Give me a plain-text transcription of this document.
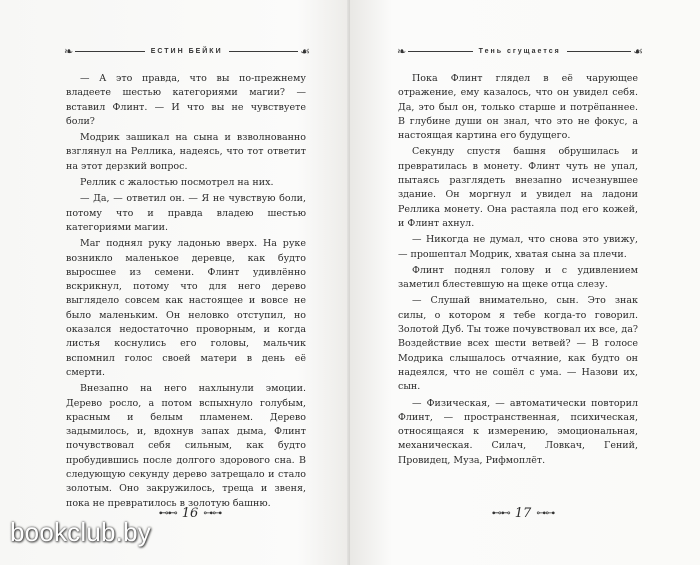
❧	ЕСТИН БЕЙКИ	☙

— А это правда, что вы по-прежнему владеете шестью категориями магии? — вставил Флинт. — И что вы не чувствуете боли?

Модрик зашикал на сына и взволнованно взглянул на Реллика, надеясь, что тот ответит на этот дерзкий вопрос.

Реллик с жалостью посмотрел на них.

— Да, — ответил он. — Я не чувствую боли, потому что и правда владею шестью категориями магии.

Маг поднял руку ладонью вверх. На руке возникло маленькое деревце, как будто выросшее из семени. Флинт удивлённо вскрикнул, потому что для него дерево выглядело совсем как настоящее и вовсе не было маленьким. Он неловко отступил, но оказался недостаточно проворным, и когда листья коснулись его головы, мальчик вспомнил голос своей матери в день её смерти.

Внезапно на него нахлынули эмоции. Дерево росло, а потом вспыхнуло голубым, красным и белым пламенем. Дерево задымилось, и, вдохнув запах дыма, Флинт почувствовал себя сильным, как будто пробудившись после долгого здорового сна. В следующую секунду дерево затрещало и стало золотым. Оно закружилось, треща и звеня, пока не превратилось в золотую башню.

⊷⊷ 16 ⊶⊶
❧	Тень сгущается	☙

Пока Флинт глядел в её чарующее отражение, ему казалось, что он увидел себя. Да, это был он, только старше и потрёпаннее. В глубине души он знал, что это не фокус, а настоящая картина его будущего.

Секунду спустя башня обрушилась и превратилась в монету. Флинт чуть не упал, пытаясь разглядеть внезапно исчезнувшее здание. Он моргнул и увидел на ладони Реллика монету. Она растаяла под его кожей, и Флинт ахнул.

— Никогда не думал, что снова это увижу, — прошептал Модрик, хватая сына за плечи.

Флинт поднял голову и с удивлением заметил блестевшую на щеке отца слезу.

— Слушай внимательно, сын. Это знак силы, о котором я тебе когда-то говорил. Золотой Дуб. Ты тоже почувствовал их все, да? Воздействие всех шести ветвей? — В голосе Модрика слышалось отчаяние, как будто он надеялся, что не сошёл с ума. — Назови их, сын.

— Физическая, — автоматически повторил Флинт, — пространственная, психическая, относящаяся к измерению, эмоциональная, механическая. Силач, Ловкач, Гений, Провидец, Муза, Рифмоплёт.

⊷⊷ 17 ⊶⊶
bookclub.by
